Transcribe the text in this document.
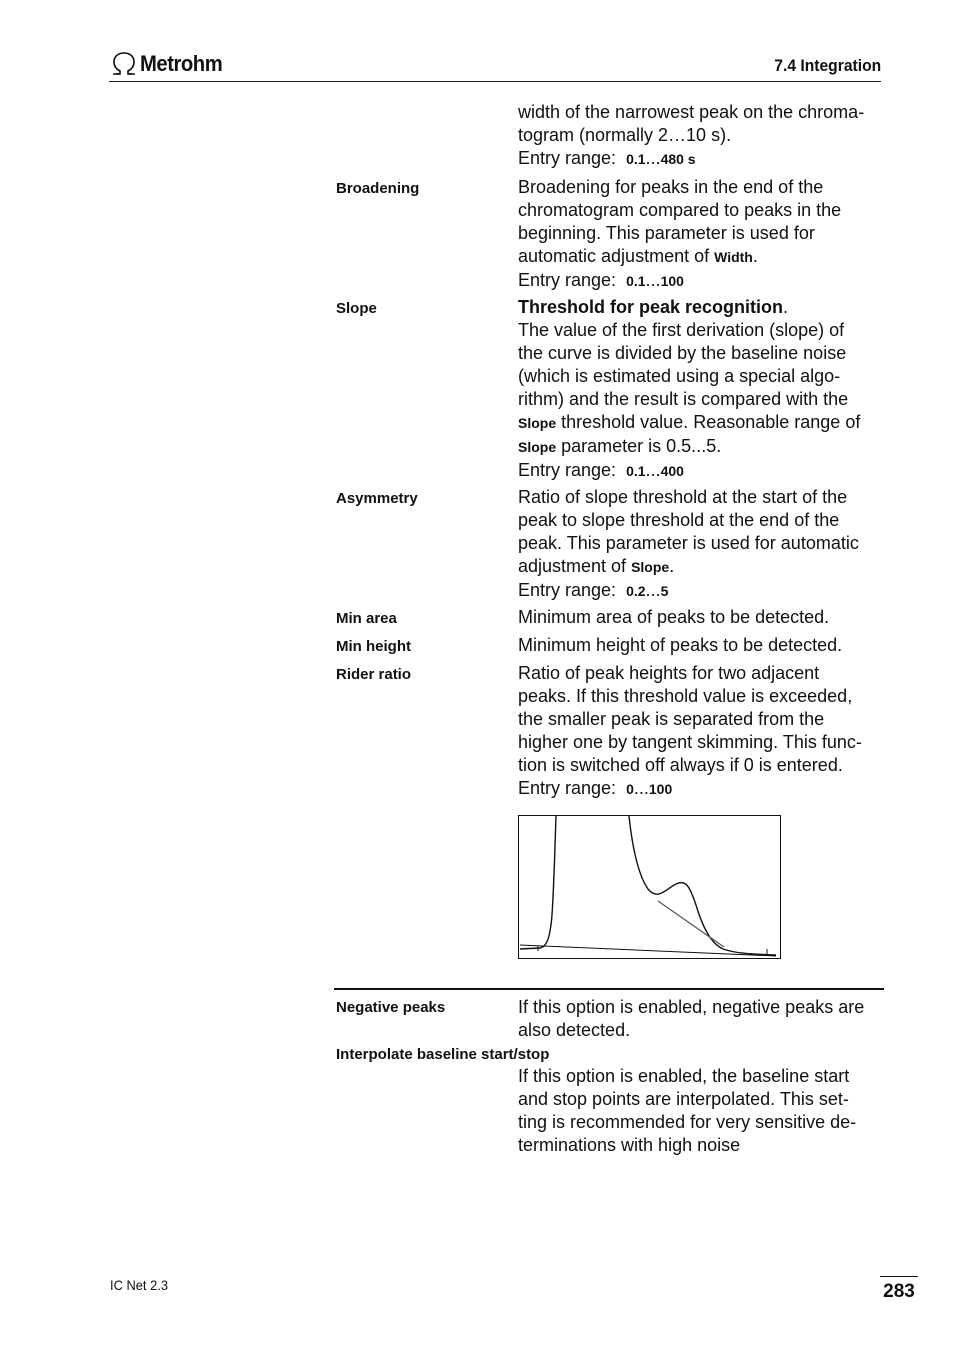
Metrohm	7.4 Integration
width of the narrowest peak on the chroma-
togram (normally 2…10 s).
Entry range: 0.1...480 s
Broadening	Broadening for peaks in the end of the
chromatogram compared to peaks in the
beginning. This parameter is used for
automatic adjustment of Width.
Entry range: 0.1...100
Slope	Threshold for peak recognition.
The value of the first derivation (slope) of
the curve is divided by the baseline noise
(which is estimated using a special algo-
rithm) and the result is compared with the
Slope threshold value. Reasonable range of
Slope parameter is 0.5...5.
Entry range: 0.1...400
Asymmetry	Ratio of slope threshold at the start of the
peak to slope threshold at the end of the
peak. This parameter is used for automatic
adjustment of Slope.
Entry range: 0.2...5
Min area	Minimum area of peaks to be detected.
Min height	Minimum height of peaks to be detected.
Rider ratio	Ratio of peak heights for two adjacent
peaks. If this threshold value is exceeded,
the smaller peak is separated from the
higher one by tangent skimming. This func-
tion is switched off always if 0 is entered.
Entry range: 0...100
Negative peaks	If this option is enabled, negative peaks are
also detected.
Interpolate baseline start/stop
If this option is enabled, the baseline start
and stop points are interpolated. This set-
ting is recommended for very sensitive de-
terminations with high noise
IC Net 2.3	283
